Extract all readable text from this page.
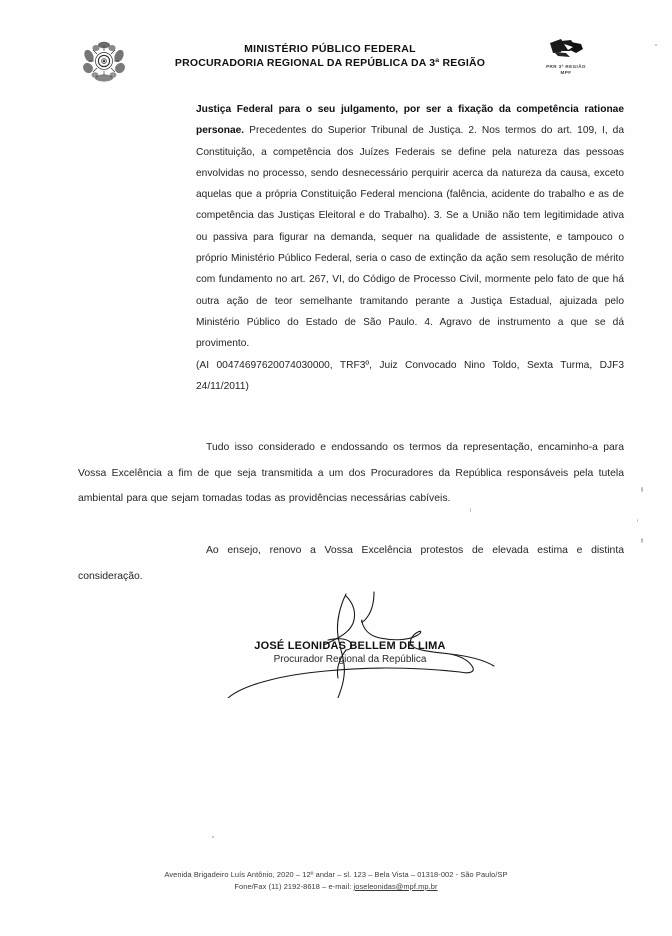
MINISTÉRIO PÚBLICO FEDERAL
PROCURADORIA REGIONAL DA REPÚBLICA DA 3ª REGIÃO	PRR 3ª REGIÃO
MPF

Justiça Federal para o seu julgamento, por ser a fixação da competência rationae personae. Precedentes do Superior Tribunal de Justiça. 2. Nos termos do art. 109, I, da Constituição, a competência dos Juízes Federais se define pela natureza das pessoas envolvidas no processo, sendo desnecessário perquirir acerca da natureza da causa, exceto aquelas que a própria Constituição Federal menciona (falência, acidente do trabalho e as de competência das Justiças Eleitoral e do Trabalho). 3. Se a União não tem legitimidade ativa ou passiva para figurar na demanda, sequer na qualidade de assistente, e tampouco o próprio Ministério Público Federal, seria o caso de extinção da ação sem resolução de mérito com fundamento no art. 267, VI, do Código de Processo Civil, mormente pelo fato de que há outra ação de teor semelhante tramitando perante a Justiça Estadual, ajuizada pelo Ministério Público do Estado de São Paulo. 4. Agravo de instrumento a que se dá provimento.

(AI 00474697620074030000, TRF3º, Juiz Convocado Nino Toldo, Sexta Turma, DJF3 24/11/2011)

Tudo isso considerado e endossando os termos da representação, encaminho-a para Vossa Excelência a fim de que seja transmitida a um dos Procuradores da República responsáveis pela tutela ambiental para que sejam tomadas todas as providências necessárias cabíveis.
Ao ensejo, renovo a Vossa Excelência protestos de elevada estima e distinta consideração.
JOSÉ LEONIDAS BELLEM DE LIMA
Procurador Regional da República
Avenida Brigadeiro Luís Antônio, 2020 – 12º andar – sl. 123 – Bela Vista – 01318-002 - São Paulo/SP
Fone/Fax (11) 2192-8618 – e-mail: joseleonidas@mpf.mp.br
